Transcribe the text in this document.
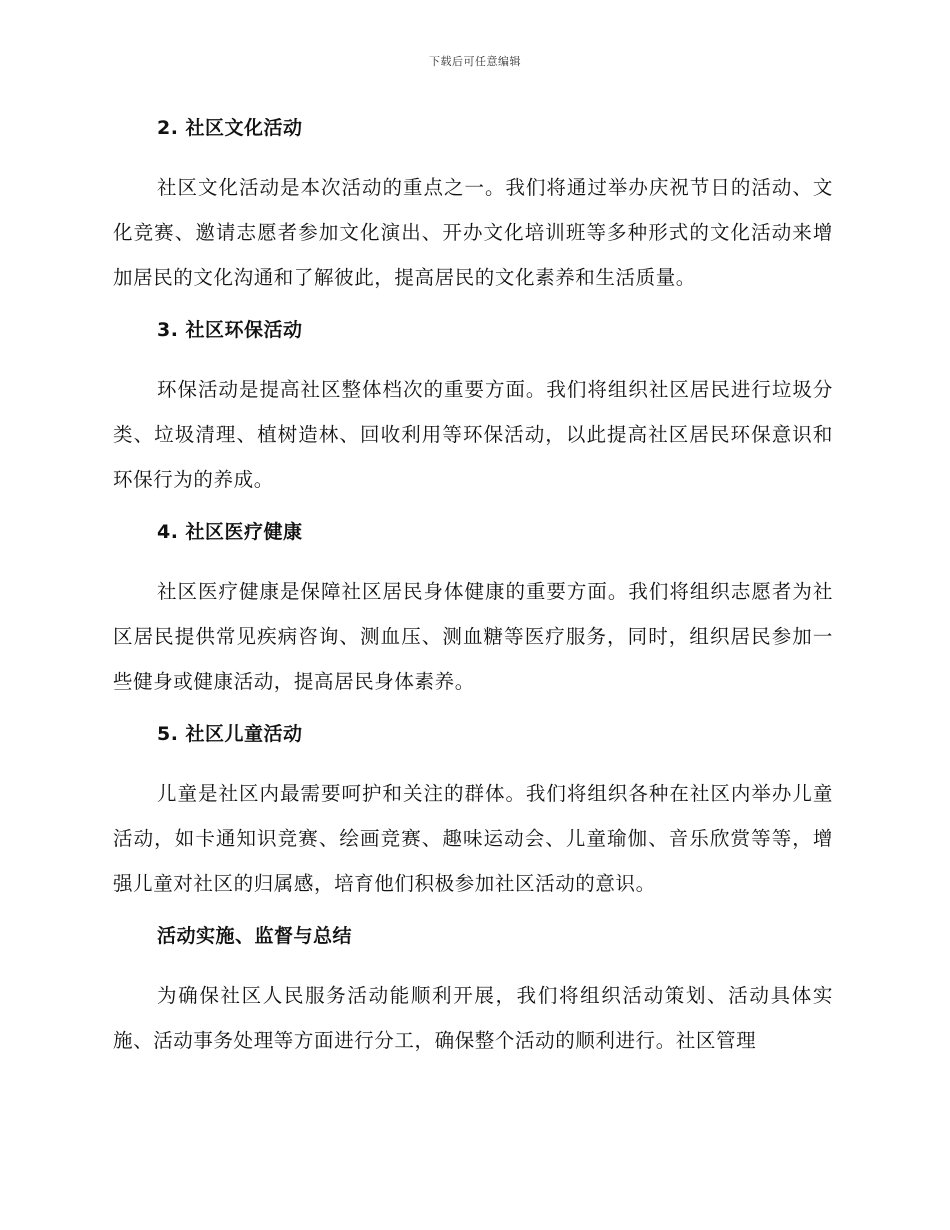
下载后可任意编辑
2. 社区文化活动

社区文化活动是本次活动的重点之一。我们将通过举办庆祝节日的活动、文化竞赛、邀请志愿者参加文化演出、开办文化培训班等多种形式的文化活动来增加居民的文化沟通和了解彼此，提高居民的文化素养和生活质量。

3. 社区环保活动

环保活动是提高社区整体档次的重要方面。我们将组织社区居民进行垃圾分类、垃圾清理、植树造林、回收利用等环保活动，以此提高社区居民环保意识和环保行为的养成。

4. 社区医疗健康

社区医疗健康是保障社区居民身体健康的重要方面。我们将组织志愿者为社区居民提供常见疾病咨询、测血压、测血糖等医疗服务，同时，组织居民参加一些健身或健康活动，提高居民身体素养。

5. 社区儿童活动

儿童是社区内最需要呵护和关注的群体。我们将组织各种在社区内举办儿童活动，如卡通知识竞赛、绘画竞赛、趣味运动会、儿童瑜伽、音乐欣赏等等，增强儿童对社区的归属感，培育他们积极参加社区活动的意识。

活动实施、监督与总结

为确保社区人民服务活动能顺利开展，我们将组织活动策划、活动具体实施、活动事务处理等方面进行分工，确保整个活动的顺利进行。社区管理
